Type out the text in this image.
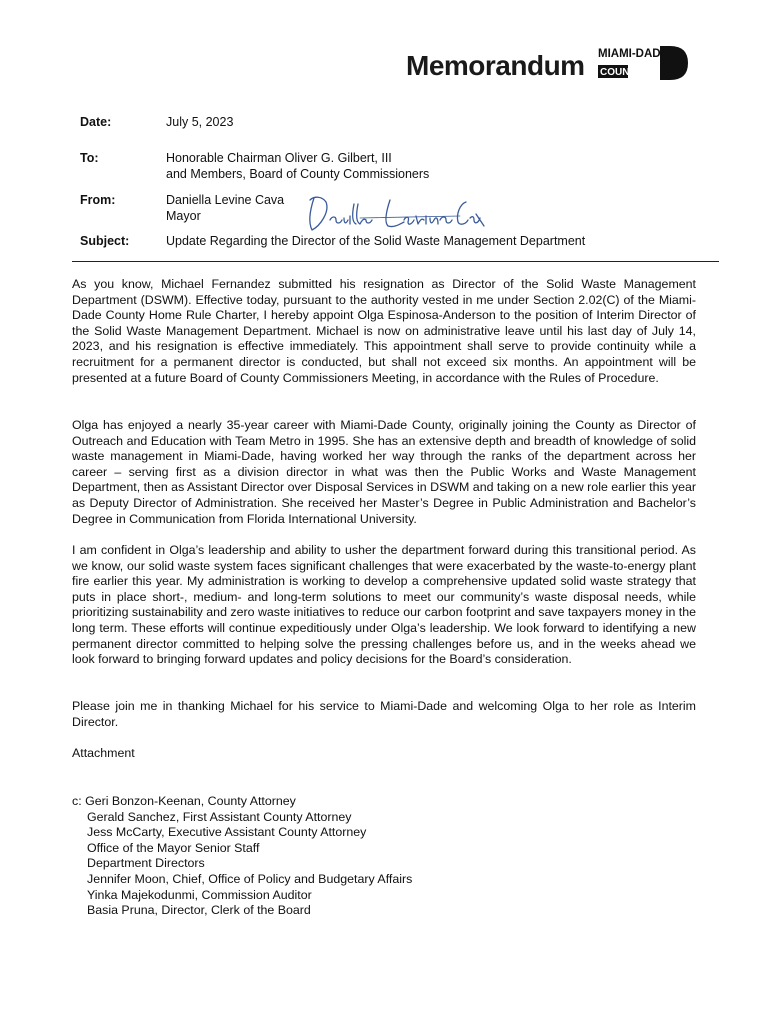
Memorandum MIAMI-DADE
COUNTY
Date:	July 5, 2023
To:	Honorable Chairman Oliver G. Gilbert, III
and Members, Board of County Commissioners
From:	Daniella Levine Cava
Mayor
Subject:	Update Regarding the Director of the Solid Waste Management Department

As you know, Michael Fernandez submitted his resignation as Director of the Solid Waste Management Department (DSWM). Effective today, pursuant to the authority vested in me under Section 2.02(C) of the Miami-Dade County Home Rule Charter, I hereby appoint Olga Espinosa-Anderson to the position of Interim Director of the Solid Waste Management Department. Michael is now on administrative leave until his last day of July 14, 2023, and his resignation is effective immediately. This appointment shall serve to provide continuity while a recruitment for a permanent director is conducted, but shall not exceed six months. An appointment will be presented at a future Board of County Commissioners Meeting, in accordance with the Rules of Procedure.

Olga has enjoyed a nearly 35-year career with Miami-Dade County, originally joining the County as Director of Outreach and Education with Team Metro in 1995. She has an extensive depth and breadth of knowledge of solid waste management in Miami-Dade, having worked her way through the ranks of the department across her career – serving first as a division director in what was then the Public Works and Waste Management Department, then as Assistant Director over Disposal Services in DSWM and taking on a new role earlier this year as Deputy Director of Administration. She received her Master’s Degree in Public Administration and Bachelor’s Degree in Communication from Florida International University.

I am confident in Olga’s leadership and ability to usher the department forward during this transitional period. As we know, our solid waste system faces significant challenges that were exacerbated by the waste-to-energy plant fire earlier this year. My administration is working to develop a comprehensive updated solid waste strategy that puts in place short-, medium- and long-term solutions to meet our community’s waste disposal needs, while prioritizing sustainability and zero waste initiatives to reduce our carbon footprint and save taxpayers money in the long term. These efforts will continue expeditiously under Olga’s leadership. We look forward to identifying a new permanent director committed to helping solve the pressing challenges before us, and in the weeks ahead we look forward to bringing forward updates and policy decisions for the Board’s consideration.

Please join me in thanking Michael for his service to Miami-Dade and welcoming Olga to her role as Interim Director.

Attachment

c: Geri Bonzon-Keenan, County Attorney
Gerald Sanchez, First Assistant County Attorney
Jess McCarty, Executive Assistant County Attorney
Office of the Mayor Senior Staff
Department Directors
Jennifer Moon, Chief, Office of Policy and Budgetary Affairs
Yinka Majekodunmi, Commission Auditor
Basia Pruna, Director, Clerk of the Board
